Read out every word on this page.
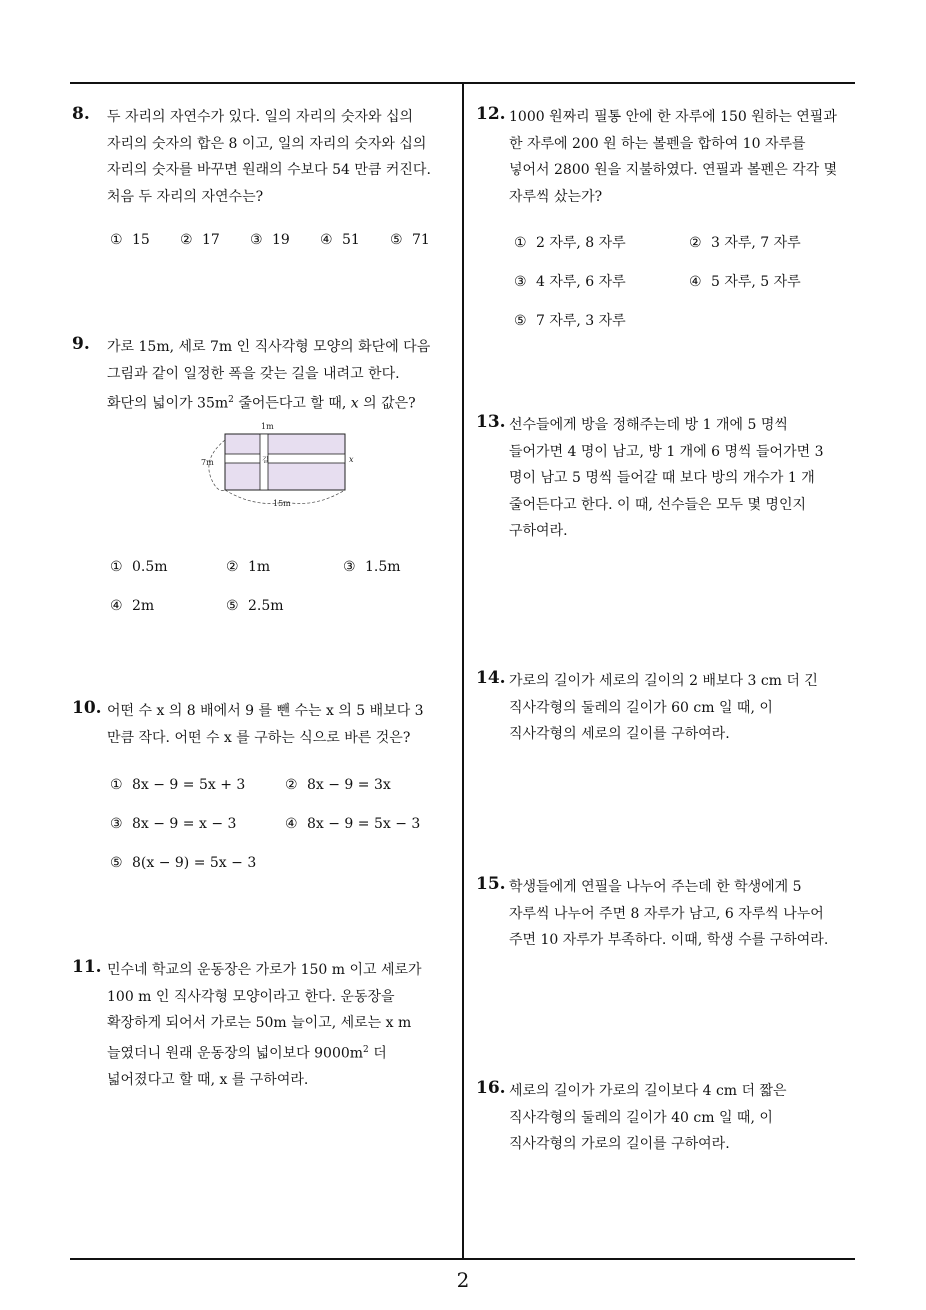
8. 두 자리의 자연수가 있다. 일의 자리의 숫자와 십의
자리의 숫자의 합은 8 이고, 일의 자리의 숫자와 십의
자리의 숫자를 바꾸면 원래의 수보다 54 만큼 커진다.
처음 두 자리의 자연수는?
① 15 ② 17 ③ 19 ④ 51 ⑤ 71
9. 가로 15m, 세로 7m 인 직사각형 모양의 화단에 다음
그림과 같이 일정한 폭을 갖는 길을 내려고 한다.
화단의 넓이가 $35m^2$ 줄어든다고 할 때, x 의 값은?
1m
7m	길	x
15m
① 0.5m	② 1m	③ 1.5m
④ 2m	⑤ 2.5m
10. 어떤 수 x 의 8 배에서 9 를 뺀 수는 x 의 5 배보다 3
만큼 작다. 어떤 수 x 를 구하는 식으로 바른 것은?
① 8x − 9 = 5x + 3	② 8x − 9 = 3x
③ 8x − 9 = x − 3	④ 8x − 9 = 5x − 3
⑤ 8(x − 9) = 5x − 3
11. 민수네 학교의 운동장은 가로가 150 m 이고 세로가
100 m 인 직사각형 모양이라고 한다. 운동장을
확장하게 되어서 가로는 50m 늘이고, 세로는 x m
늘였더니 원래 운동장의 넓이보다 $9000m^2$ 더
넓어졌다고 할 때, x 를 구하여라.
12. 1000 원짜리 필통 안에 한 자루에 150 원하는 연필과
한 자루에 200 원 하는 볼펜을 합하여 10 자루를
넣어서 2800 원을 지불하였다. 연필과 볼펜은 각각 몇
자루씩 샀는가?
① 2 자루, 8 자루	② 3 자루, 7 자루
③ 4 자루, 6 자루	④ 5 자루, 5 자루
⑤ 7 자루, 3 자루
13. 선수들에게 방을 정해주는데 방 1 개에 5 명씩
들어가면 4 명이 남고, 방 1 개에 6 명씩 들어가면 3
명이 남고 5 명씩 들어갈 때 보다 방의 개수가 1 개
줄어든다고 한다. 이 때, 선수들은 모두 몇 명인지
구하여라.
14. 가로의 길이가 세로의 길이의 2 배보다 3 cm 더 긴
직사각형의 둘레의 길이가 60 cm 일 때, 이
직사각형의 세로의 길이를 구하여라.
15. 학생들에게 연필을 나누어 주는데 한 학생에게 5
자루씩 나누어 주면 8 자루가 남고, 6 자루씩 나누어
주면 10 자루가 부족하다. 이때, 학생 수를 구하여라.
16. 세로의 길이가 가로의 길이보다 4 cm 더 짧은
직사각형의 둘레의 길이가 40 cm 일 때, 이
직사각형의 가로의 길이를 구하여라.
2
